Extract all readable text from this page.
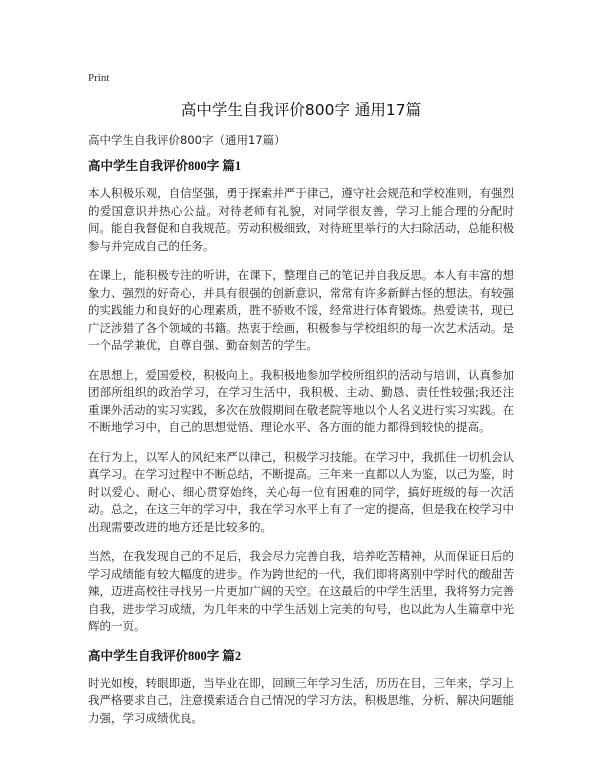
Print
高中学生自我评价800字 通用17篇
高中学生自我评价800字（通用17篇）
高中学生自我评价800字 篇1

本人积极乐观，自信坚强，勇于探索并严于律己，遵守社会规范和学校准则，有强烈的爱国意识并热心公益。对待老师有礼貌，对同学很友善，学习上能合理的分配时间。能自我督促和自我规范。劳动积极细致，对待班里举行的大扫除活动，总能积极参与并完成自己的任务。

在课上，能积极专注的听讲，在课下，整理自己的笔记并自我反思。本人有丰富的想象力、强烈的好奇心，并具有很强的创新意识，常常有许多新鲜古怪的想法。有较强的实践能力和良好的心理素质，胜不骄败不馁，经常进行体育锻炼。热爱读书，现已广泛涉猎了各个领域的书籍。热衷于绘画，积极参与学校组织的每一次艺术活动。是一个品学兼优，自尊自强、勤奋刻苦的学生。

在思想上，爱国爱校，积极向上。我积极地参加学校所组织的活动与培训，认真参加团部所组织的政治学习，在学习生活中，我积极、主动、勤恳、责任性较强;我还注重课外活动的实习实践，多次在放假期间在敬老院等地以个人名义进行实习实践。在不断地学习中，自己的思想觉悟、理论水平、各方面的能力都得到较快的提高。

在行为上，以军人的风纪来严以律己，积极学习技能。在学习中，我抓住一切机会认真学习。在学习过程中不断总结，不断提高。三年来一直都以人为鉴，以己为鉴，时时以爱心、耐心、细心贯穿始终，关心每一位有困难的同学，搞好班级的每一次活动。总之，在这三年的学习中，我在学习水平上有了一定的提高，但是我在校学习中出现需要改进的地方还是比较多的。

当然，在我发现自己的不足后，我会尽力完善自我，培养吃苦精神，从而保证日后的学习成绩能有较大幅度的进步。作为跨世纪的一代，我们即将离别中学时代的酸甜苦辣，迈进高校往寻找另一片更加广阔的天空。在这最后的中学生活里，我将努力完善自我，进步学习成绩，为几年来的中学生活划上完美的句号，也以此为人生篇章中光辉的一页。

高中学生自我评价800字 篇2

时光如梭，转眼即逝，当毕业在即，回顾三年学习生活，历历在目，三年来，学习上我严格要求自己，注意摸索适合自己情况的学习方法，积极思维，分析、解决问题能力强，学习成绩优良。
